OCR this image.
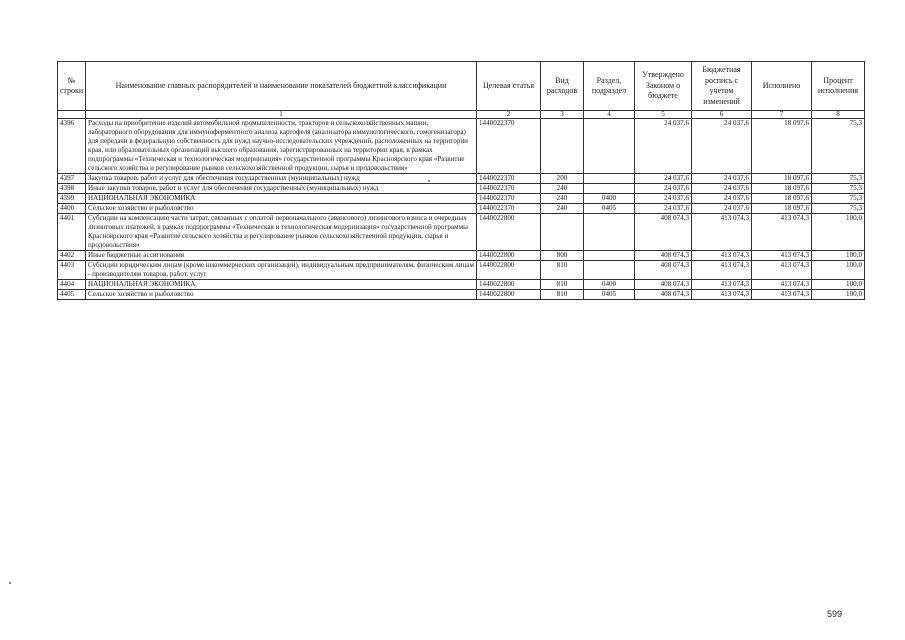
№ строки	Наименование главных распорядителей и наименование показателей бюджетной классификации	Целевая статья	Вид расходов	Раздел, подраздел	Утверждено Законом о бюджете	Бюджетная роспись с учетом изменений	Исполнено	Процент исполнения
	1	2	3	4	5	6	7	8
4396	Расходы на приобретение изделий автомобильной промышленности, тракторов и сельскохозяйственных машин, лабораторного оборудования для иммуноферментного анализа картофеля (анализатора иммунологического, гомогенизатора) для передачи в федеральную собственность для нужд научно-исследовательских учреждений, расположенных на территории края, или образовательных организаций высшего образования, зарегистрированных на территории края, в рамках подпрограммы «Техническая и технологическая модернизация» государственной программы Красноярского края «Развитие сельского хозяйства и регулирование рынков сельскохозяйственной продукции, сырья и продовольствия»	1440022370			24 037,6	24 037,6	18 097,6	75,3
4397	Закупка товаров, работ и услуг для обеспечения государственных (муниципальных) нужд	1440022370	200		24 037,6	24 037,6	18 097,6	75,3
4398	Иные закупки товаров, работ и услуг для обеспечения государственных (муниципальных) нужд	1440022370	240		24 037,6	24 037,6	18 097,6	75,3
4399	НАЦИОНАЛЬНАЯ ЭКОНОМИКА	1440022370	240	0400	24 037,6	24 037,6	18 097,6	75,3
4400	Сельское хозяйство и рыболовство	1440022370	240	0405	24 037,6	24 037,6	18 097,6	75,3
4401	Субсидии на компенсацию части затрат, связанных с оплатой первоначального (авансового) лизингового взноса и очередных лизинговых платежей, в рамках подпрограммы «Техническая и технологическая модернизация» государственной программы Красноярского края «Развитие сельского хозяйства и регулирование рынков сельскохозяйственной продукции, сырья и продовольствия»	1440022800			408 074,3	413 074,3	413 074,3	100,0
4402	Иные бюджетные ассигнования	1440022800	800		408 074,3	413 074,3	413 074,3	100,0
4403	Субсидии юридическим лицам (кроме некоммерческих организаций), индивидуальным предпринимателям, физическим лицам - производителям товаров, работ, услуг	1440022800	810		408 074,3	413 074,3	413 074,3	100,0
4404	НАЦИОНАЛЬНАЯ ЭКОНОМИКА	1440022800	810	0400	408 074,3	413 074,3	413 074,3	100,0
4405	Сельское хозяйство и рыболовство	1440022800	810	0405	408 074,3	413 074,3	413 074,3	100,0
599
